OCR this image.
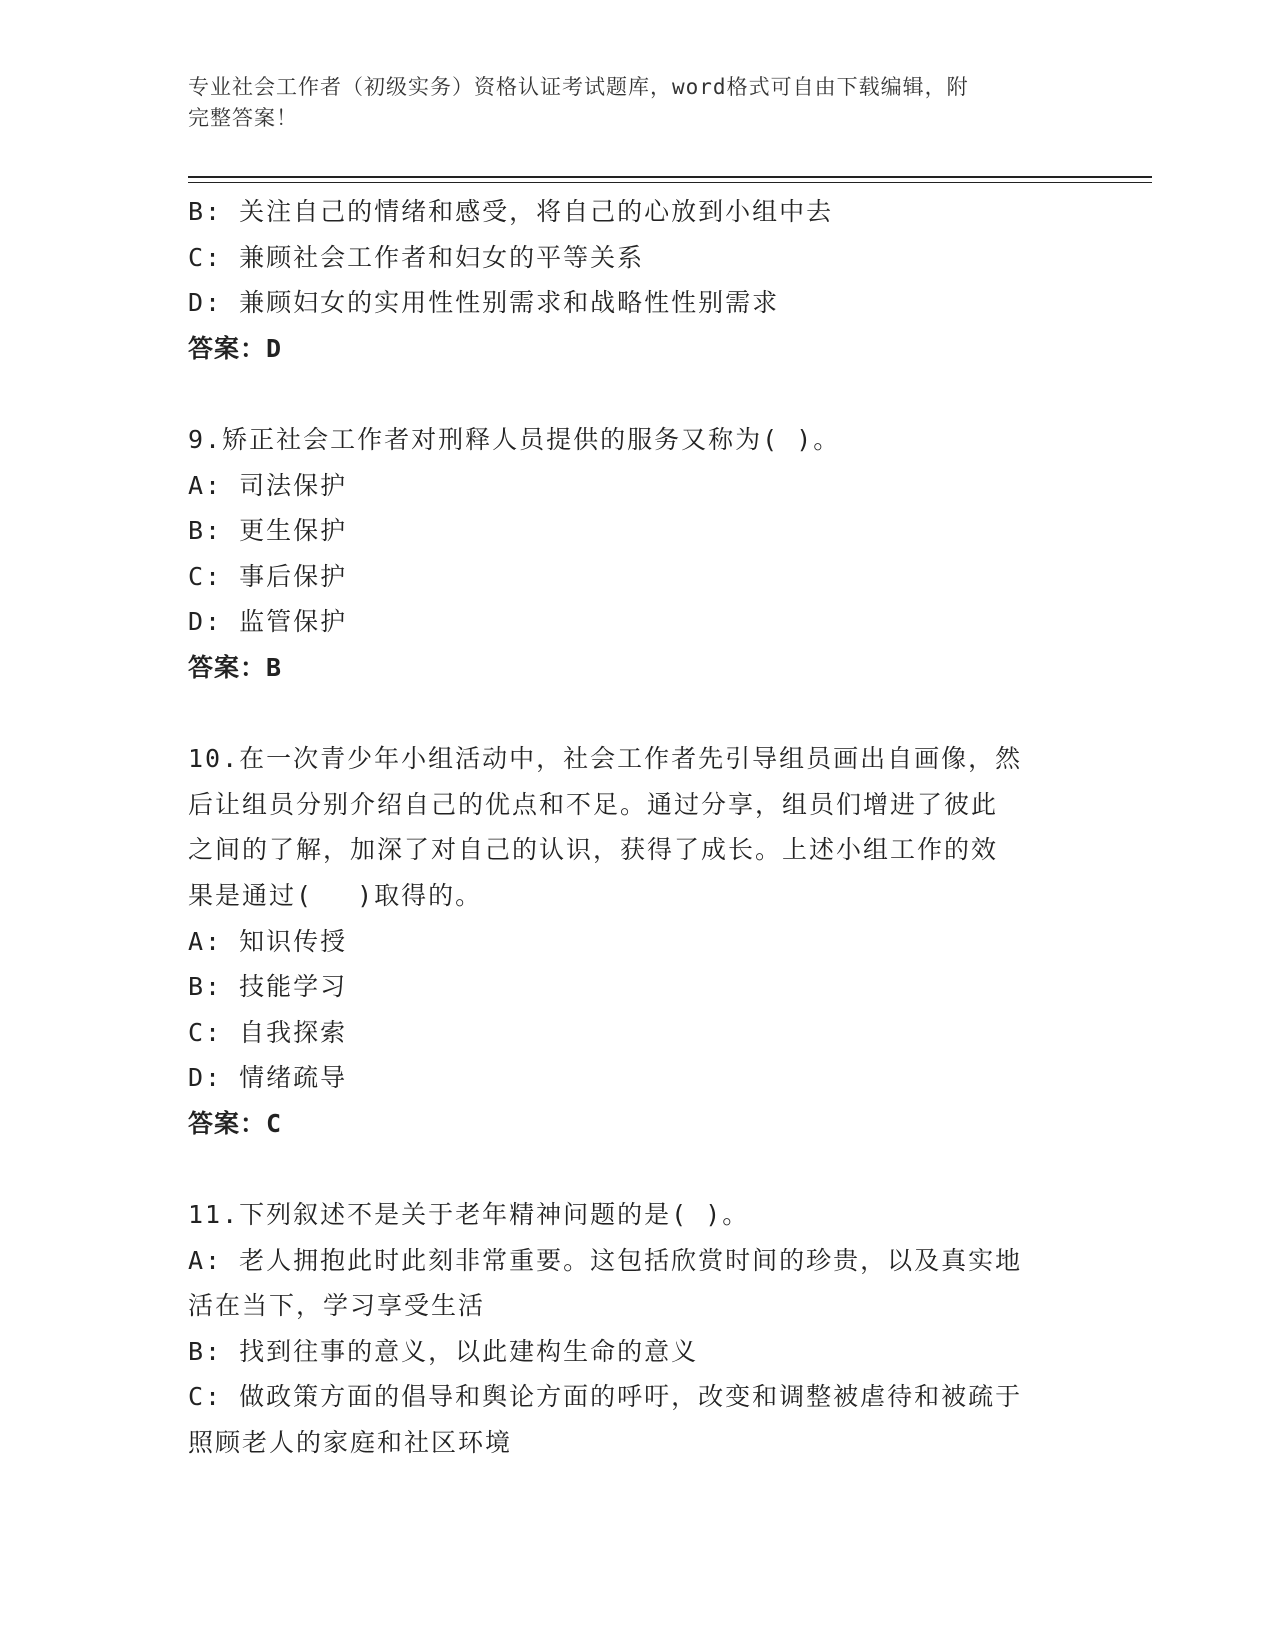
专业社会工作者（初级实务）资格认证考试题库，word格式可自由下载编辑，附
完整答案！
B: 关注自己的情绪和感受，将自己的心放到小组中去
C: 兼顾社会工作者和妇女的平等关系
D: 兼顾妇女的实用性性别需求和战略性性别需求
答案：D
9.矫正社会工作者对刑释人员提供的服务又称为( )。
A: 司法保护
B: 更生保护
C: 事后保护
D: 监管保护
答案：B
10.在一次青少年小组活动中，社会工作者先引导组员画出自画像，然
后让组员分别介绍自己的优点和不足。通过分享，组员们增进了彼此
之间的了解，加深了对自己的认识，获得了成长。上述小组工作的效
果是通过(　 )取得的。
A: 知识传授
B: 技能学习
C: 自我探索
D: 情绪疏导
答案：C
11.下列叙述不是关于老年精神问题的是( )。
A: 老人拥抱此时此刻非常重要。这包括欣赏时间的珍贵，以及真实地
活在当下，学习享受生活
B: 找到往事的意义，以此建构生命的意义
C: 做政策方面的倡导和舆论方面的呼吁，改变和调整被虐待和被疏于
照顾老人的家庭和社区环境
